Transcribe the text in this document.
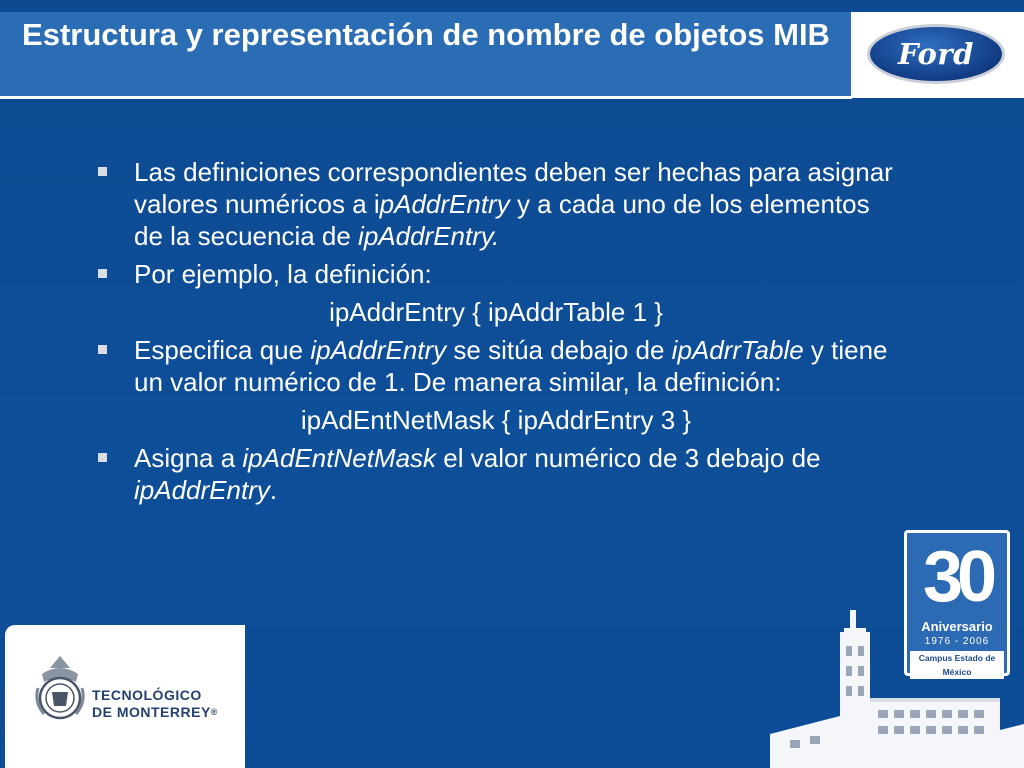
Estructura y representación de nombre de objetos MIB
Ford
Las definiciones correspondientes deben ser hechas para asignar valores numéricos a ipAddrEntry y a cada uno de los elementos de la secuencia de ipAddrEntry.
Por ejemplo, la definición:
ipAddrEntry { ipAddrTable 1 }
Especifica que ipAddrEntry se sitúa debajo de ipAdrrTable y tiene un valor numérico de 1. De manera similar, la definición:
ipAdEntNetMask { ipAddrEntry 3 }
Asigna a ipAdEntNetMask el valor numérico de 3 debajo de ipAddrEntry.
TECNOLÓGICO
DE MONTERREY®
30
Aniversario
1976 - 2006
Campus Estado de México
